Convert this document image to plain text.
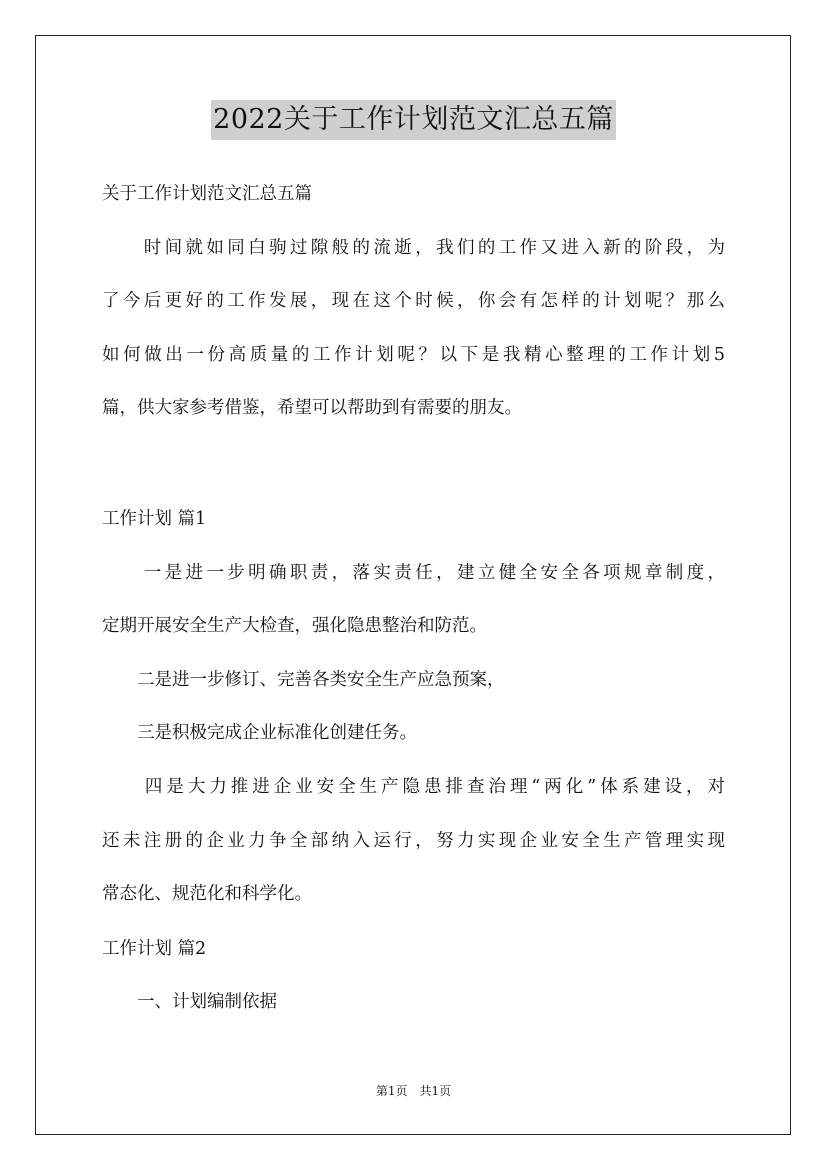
2022关于工作计划范文汇总五篇
关于工作计划范文汇总五篇
　　时间就如同白驹过隙般的流逝，我们的工作又进入新的阶段，为
了今后更好的工作发展，现在这个时候，你会有怎样的计划呢？那么
如何做出一份高质量的工作计划呢？以下是我精心整理的工作计划5
篇，供大家参考借鉴，希望可以帮助到有需要的朋友。
工作计划 篇1
　　一是进一步明确职责，落实责任，建立健全安全各项规章制度，
定期开展安全生产大检查，强化隐患整治和防范。
　　二是进一步修订、完善各类安全生产应急预案，
　　三是积极完成企业标准化创建任务。
　　四是大力推进企业安全生产隐患排查治理“两化”体系建设，对
还未注册的企业力争全部纳入运行，努力实现企业安全生产管理实现
常态化、规范化和科学化。
工作计划 篇2
　　一、计划编制依据
第1页　共1页
